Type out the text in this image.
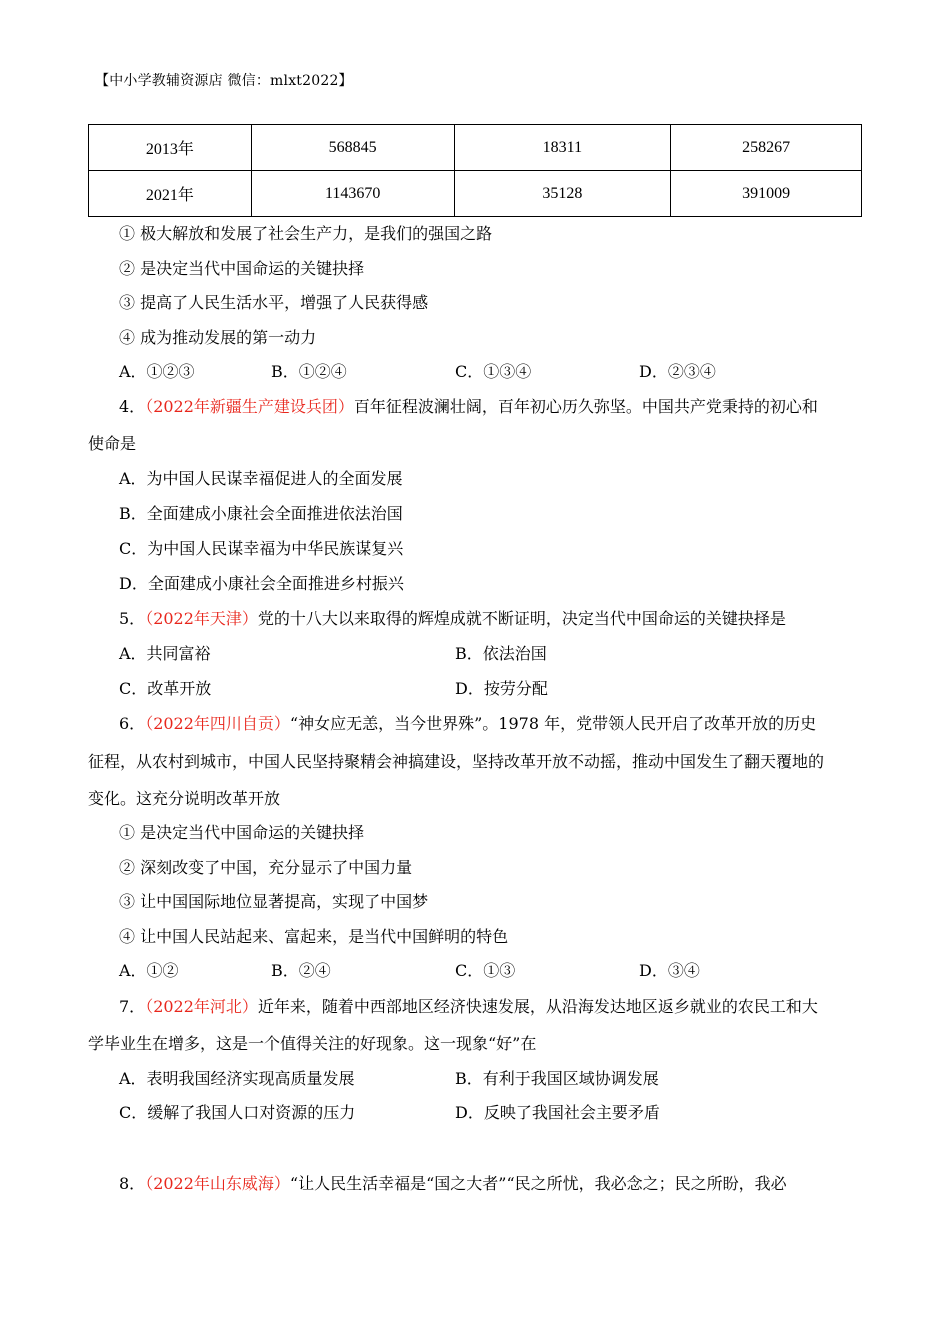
【中小学教辅资源店 微信：mlxt2022】
2013年	568845	18311	258267
2021年	1143670	35128	391009
① 极大解放和发展了社会生产力，是我们的强国之路
② 是决定当代中国命运的关键抉择
③ 提高了人民生活水平，增强了人民获得感
④ 成为推动发展的第一动力
A．①②③	B．①②④	C．①③④	D．②③④
4．（2022年新疆生产建设兵团）百年征程波澜壮阔，百年初心历久弥坚。中国共产党秉持的初心和
使命是
A．为中国人民谋幸福促进人的全面发展
B．全面建成小康社会全面推进依法治国
C．为中国人民谋幸福为中华民族谋复兴
D．全面建成小康社会全面推进乡村振兴
5．（2022年天津）党的十八大以来取得的辉煌成就不断证明，决定当代中国命运的关键抉择是
A．共同富裕	B．依法治国
C．改革开放	D．按劳分配
6．（2022年四川自贡）“神女应无恙，当今世界殊”。1978 年，党带领人民开启了改革开放的历史
征程，从农村到城市，中国人民坚持聚精会神搞建设，坚持改革开放不动摇，推动中国发生了翻天覆地的
变化。这充分说明改革开放
① 是决定当代中国命运的关键抉择
② 深刻改变了中国，充分显示了中国力量
③ 让中国国际地位显著提高，实现了中国梦
④ 让中国人民站起来、富起来，是当代中国鲜明的特色
A．①②	B．②④	C．①③	D．③④
7．（2022年河北）近年来，随着中西部地区经济快速发展，从沿海发达地区返乡就业的农民工和大
学毕业生在增多，这是一个值得关注的好现象。这一现象“好”在
A．表明我国经济实现高质量发展	B．有利于我国区域协调发展
C．缓解了我国人口对资源的压力	D．反映了我国社会主要矛盾
8．（2022年山东威海）“让人民生活幸福是“国之大者”“民之所忧，我必念之；民之所盼，我必
